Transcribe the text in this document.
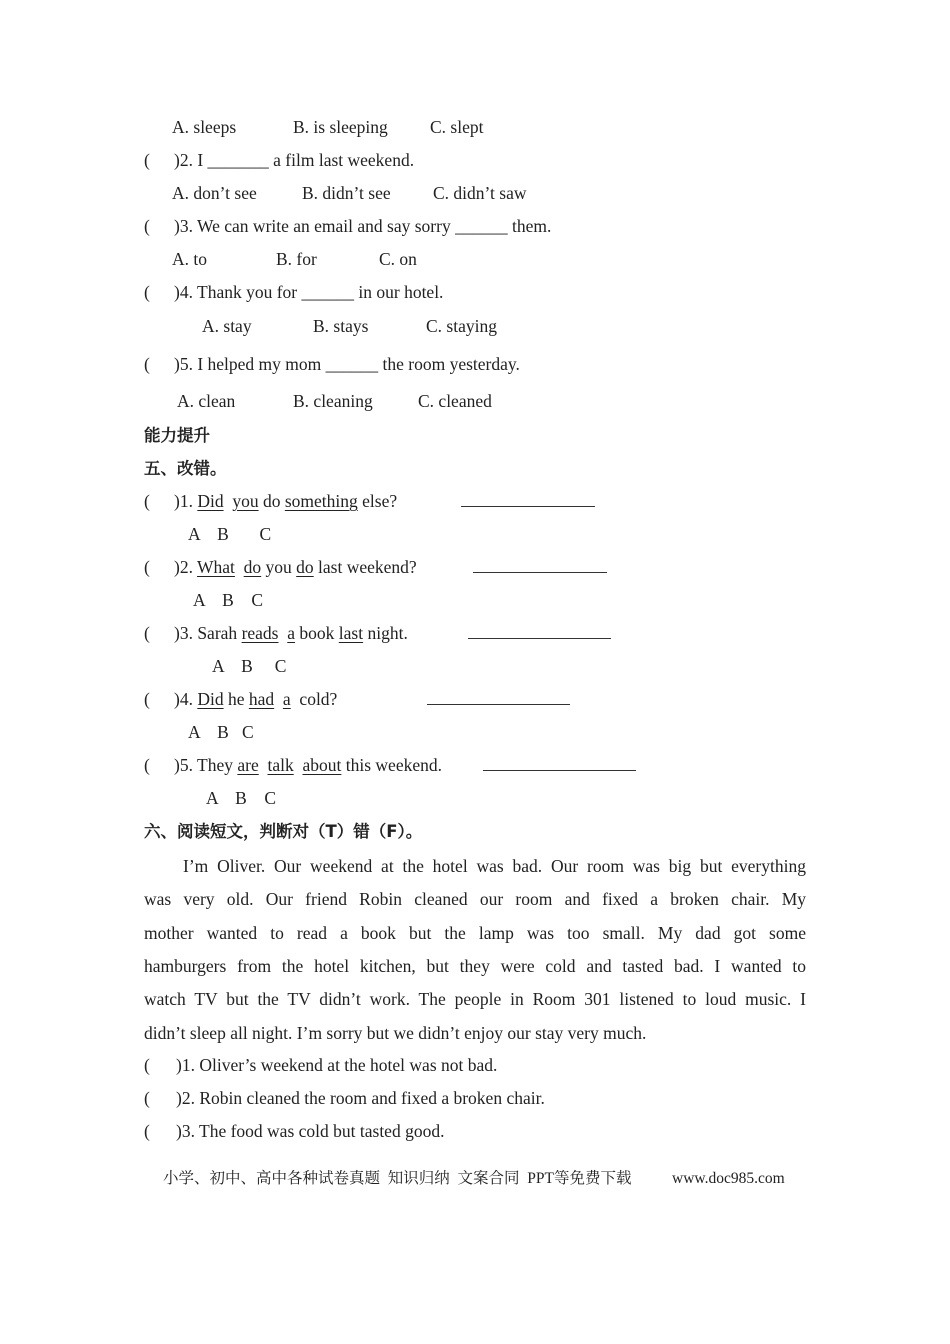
A. sleeps	B. is sleeping C. slept
( )2. I _______ a film last weekend.
A. don’t see	B. didn’t see C. didn’t saw
( )3. We can write an email and say sorry ______ them.
A. to	B. for	C. on
( )4. Thank you for ______ in our hotel.
A. stay	B. stays	C. staying
( )5. I helped my mom ______ the room yesterday.
A. clean	B. cleaning	C. cleaned
能力提升
五、改错。
( )1. Did you do something else?
A    B       C
( )2. What do you do last weekend?
A    B    C
( )3. Sarah reads a book last night.
A    B     C
( )4. Did he had a  cold?
A    B   C
( )5. They are talk about this weekend.
A    B    C
六、阅读短文，判断对（T）错（F）。
I’m Oliver. Our weekend at the hotel was bad. Our room was big but everything
was very old. Our friend Robin cleaned our room and fixed a broken chair. My
mother wanted to read a book but the lamp was too small. My dad got some
hamburgers from the hotel kitchen, but they were cold and tasted bad. I wanted to
watch TV but the TV didn’t work. The people in Room 301 listened to loud music. I
didn’t sleep all night. I’m sorry but we didn’t enjoy our stay very much.
( )1. Oliver’s weekend at the hotel was not bad.
( )2. Robin cleaned the room and fixed a broken chair.
( )3. The food was cold but tasted good.
小学、初中、高中各种试卷真题  知识归纳  文案合同  PPT等免费下载	www.doc985.com
